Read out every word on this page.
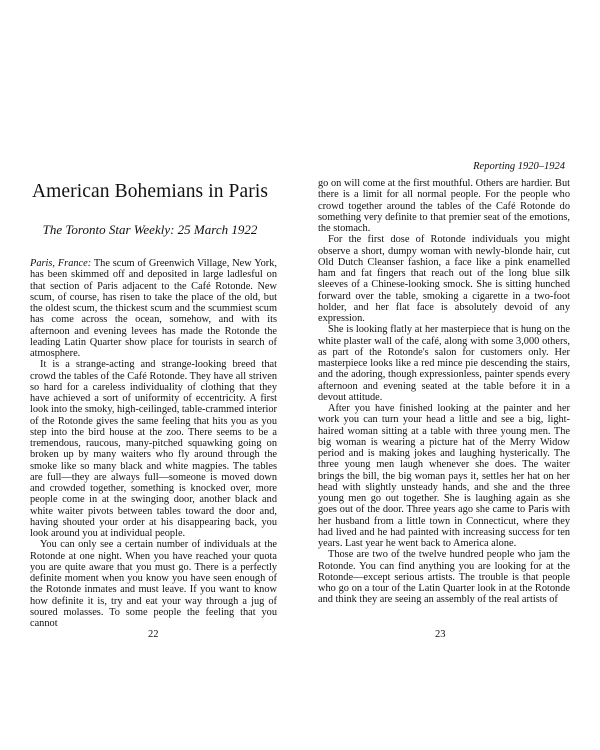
American Bohemians in Paris

The Toronto Star Weekly: 25 March 1922

Paris, France: The scum of Greenwich Village, New York, has been skimmed off and deposited in large ladlesful on that section of Paris adjacent to the Café Rotonde. New scum, of course, has risen to take the place of the old, but the oldest scum, the thickest scum and the scummiest scum has come across the ocean, somehow, and with its afternoon and evening levees has made the Rotonde the leading Latin Quarter show place for tourists in search of atmosphere.

It is a strange-acting and strange-looking breed that crowd the tables of the Café Rotonde. They have all striven so hard for a careless individuality of clothing that they have achieved a sort of uniformity of eccentricity. A first look into the smoky, high-ceilinged, table-crammed interior of the Rotonde gives the same feeling that hits you as you step into the bird house at the zoo. There seems to be a tremendous, raucous, many-pitched squawking going on broken up by many waiters who fly around through the smoke like so many black and white magpies. The tables are full—they are always full—someone is moved down and crowded together, something is knocked over, more people come in at the swinging door, another black and white waiter pivots between tables toward the door and, having shouted your order at his disappearing back, you look around you at individual people.

You can only see a certain number of individuals at the Rotonde at one night. When you have reached your quota you are quite aware that you must go. There is a perfectly definite moment when you know you have seen enough of the Rotonde inmates and must leave. If you want to know how definite it is, try and eat your way through a jug of soured molasses. To some people the feeling that you cannot

22

Reporting 1920–1924

go on will come at the first mouthful. Others are hardier. But there is a limit for all normal people. For the people who crowd together around the tables of the Café Rotonde do something very definite to that premier seat of the emotions, the stomach.

For the first dose of Rotonde individuals you might observe a short, dumpy woman with newly-blonde hair, cut Old Dutch Cleanser fashion, a face like a pink enamelled ham and fat fingers that reach out of the long blue silk sleeves of a Chinese-looking smock. She is sitting hunched forward over the table, smoking a cigarette in a two-foot holder, and her flat face is absolutely devoid of any expression.

She is looking flatly at her masterpiece that is hung on the white plaster wall of the café, along with some 3,000 others, as part of the Rotonde's salon for customers only. Her masterpiece looks like a red mince pie descending the stairs, and the adoring, though expressionless, painter spends every afternoon and evening seated at the table before it in a devout attitude.

After you have finished looking at the painter and her work you can turn your head a little and see a big, light-haired woman sitting at a table with three young men. The big woman is wearing a picture hat of the Merry Widow period and is making jokes and laughing hysterically. The three young men laugh whenever she does. The waiter brings the bill, the big woman pays it, settles her hat on her head with slightly unsteady hands, and she and the three young men go out together. She is laughing again as she goes out of the door. Three years ago she came to Paris with her husband from a little town in Connecticut, where they had lived and he had painted with increasing success for ten years. Last year he went back to America alone.

Those are two of the twelve hundred people who jam the Rotonde. You can find anything you are looking for at the Rotonde—except serious artists. The trouble is that people who go on a tour of the Latin Quarter look in at the Rotonde and think they are seeing an assembly of the real artists of

23
